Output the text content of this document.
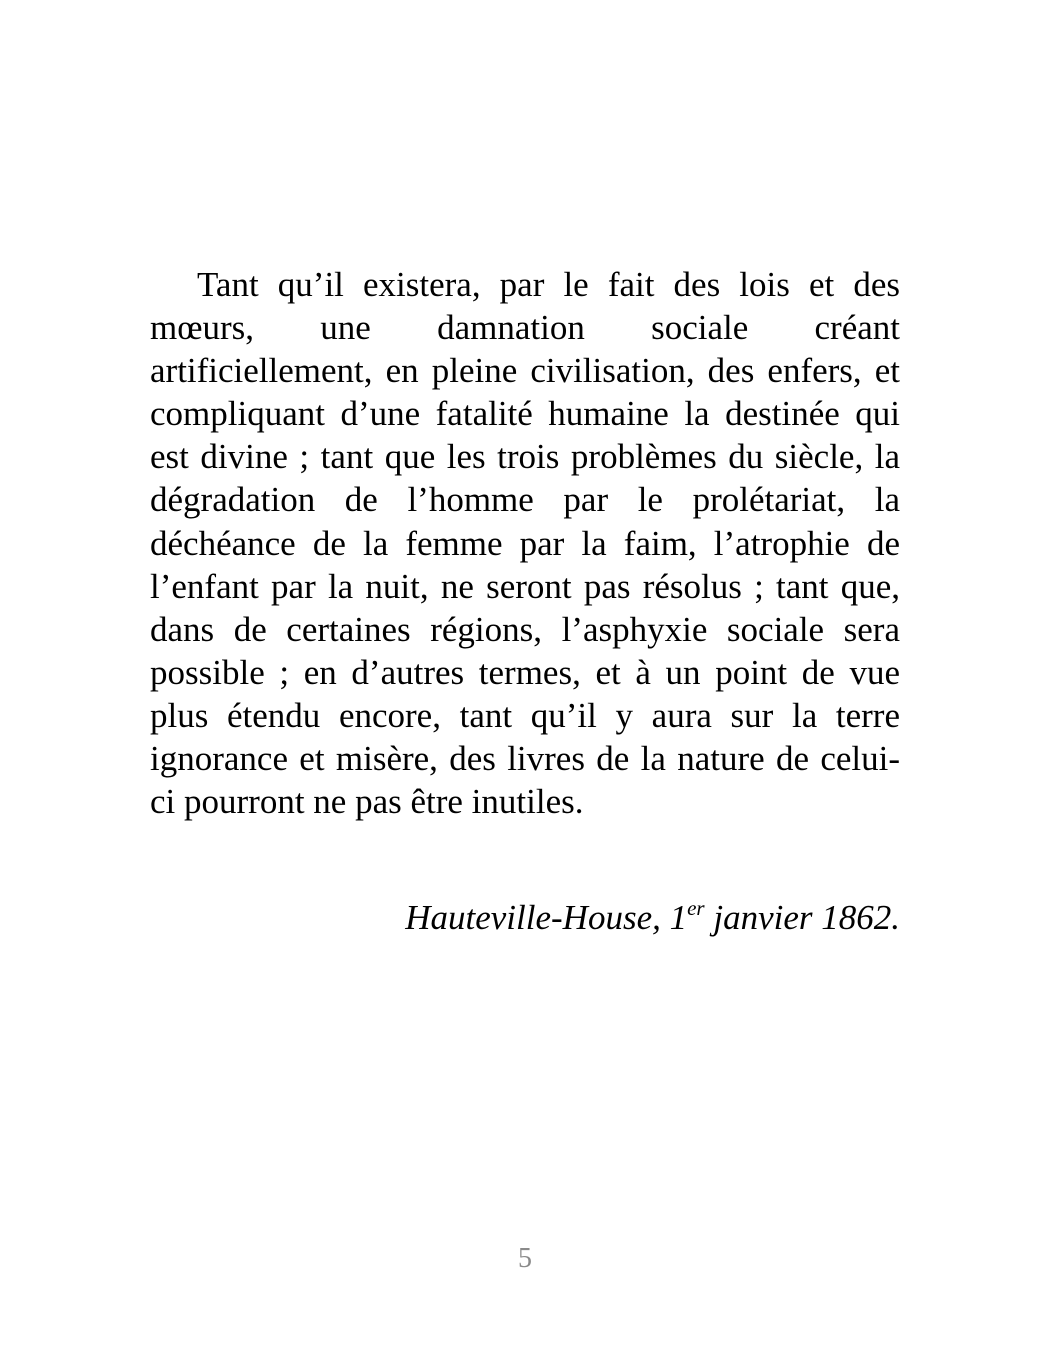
Tant qu’il existera, par le fait des lois et des mœurs, une damnation sociale créant artificiellement, en pleine civilisation, des enfers, et compliquant d’une fatalité humaine la destinée qui est divine ; tant que les trois problèmes du siècle, la dégradation de l’homme par le prolétariat, la déchéance de la femme par la faim, l’atrophie de l’enfant par la nuit, ne seront pas résolus ; tant que, dans de certaines régions, l’asphyxie sociale sera possible ; en d’autres termes, et à un point de vue plus étendu encore, tant qu’il y aura sur la terre ignorance et misère, des livres de la nature de celui-ci pourront ne pas être inutiles.

Hauteville-House, 1er janvier 1862.

5
